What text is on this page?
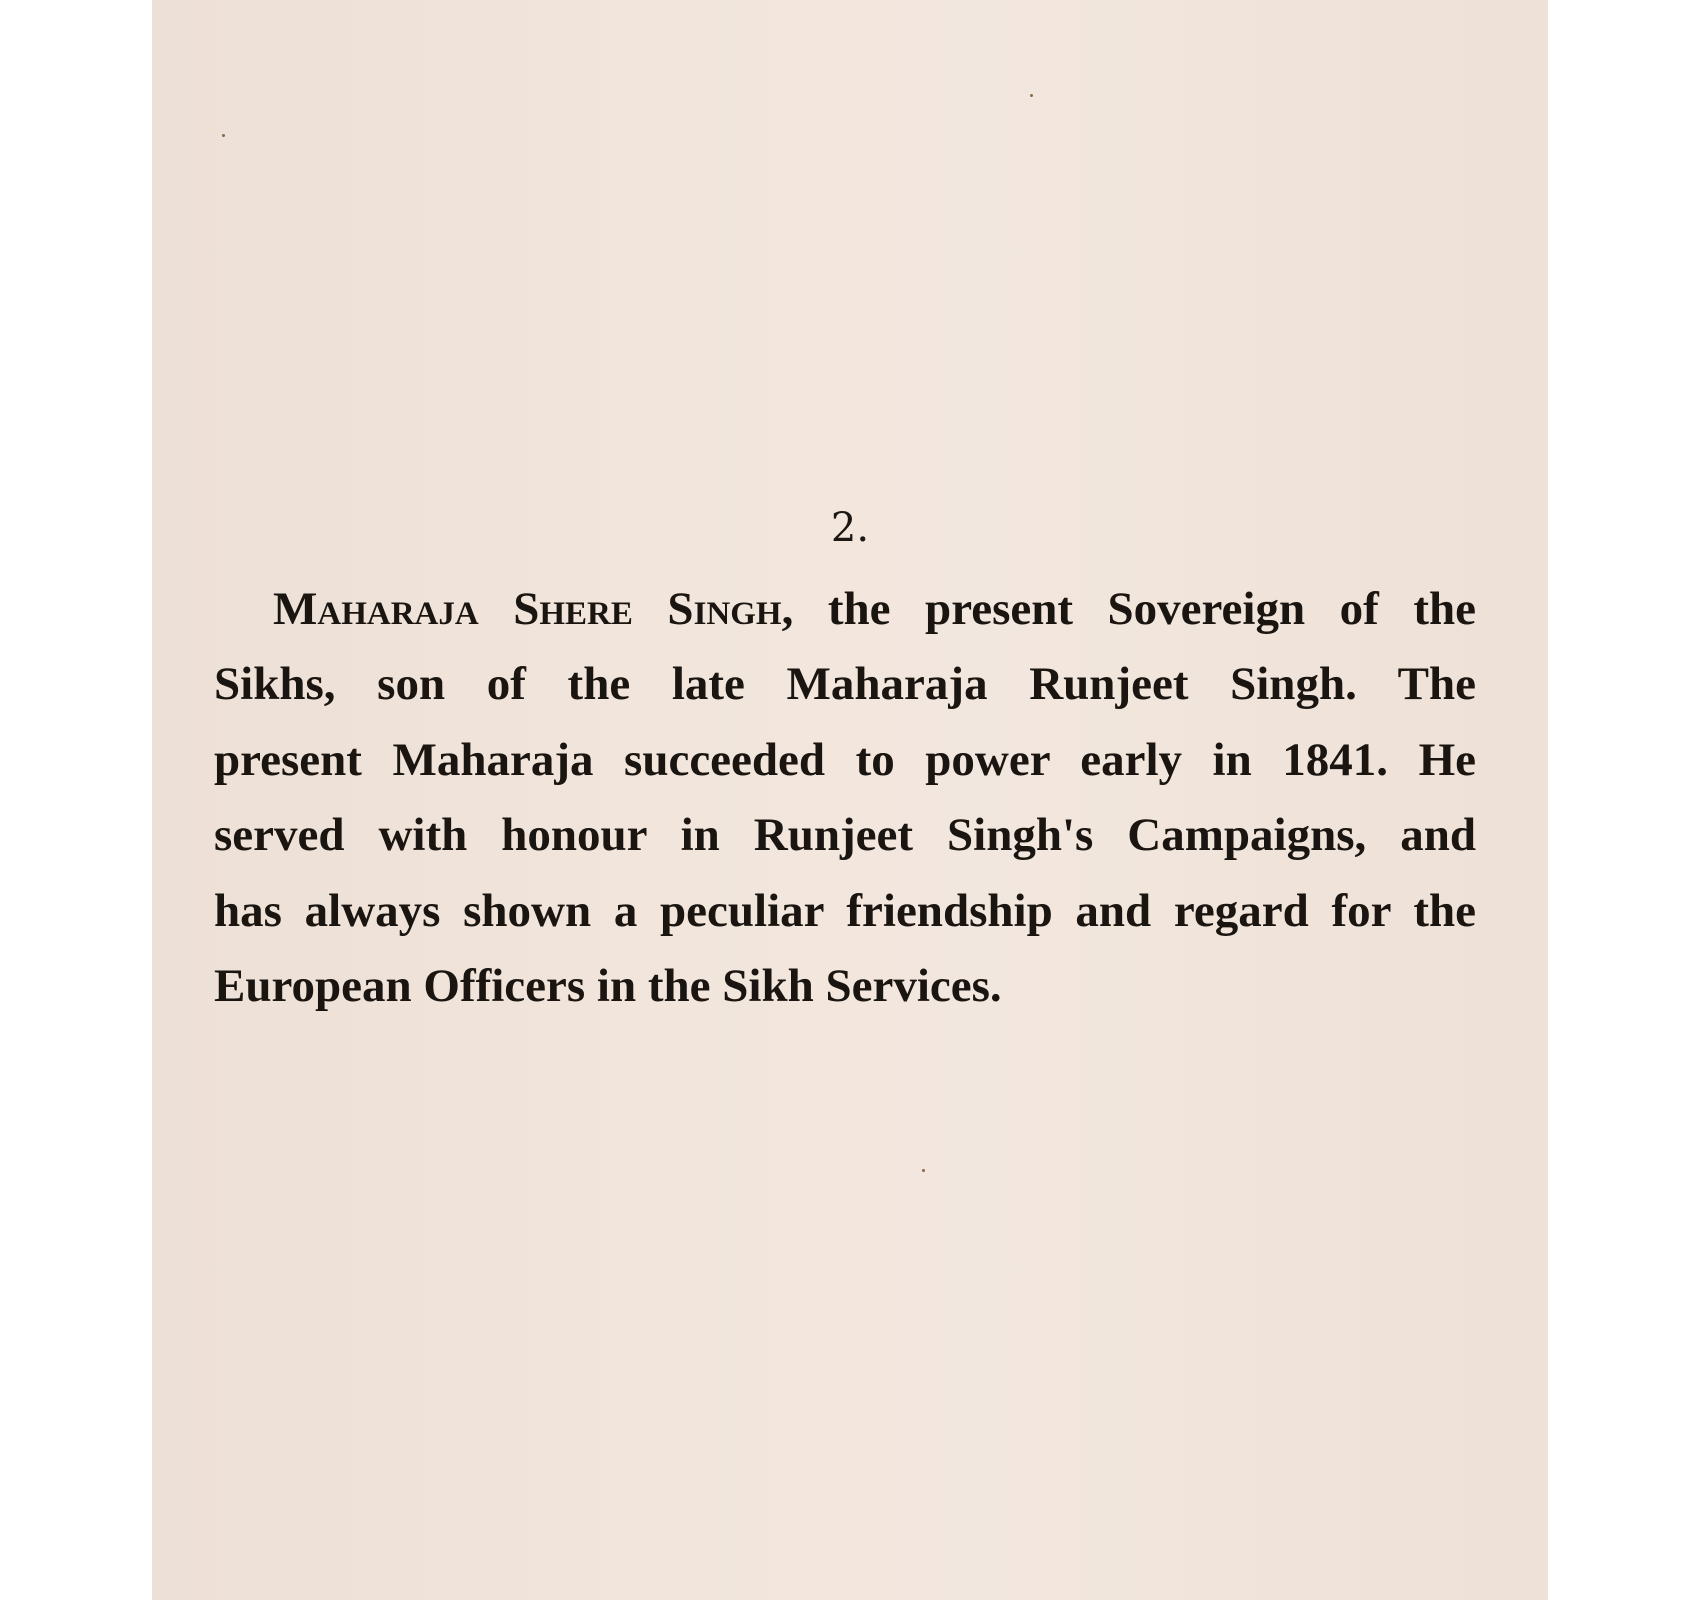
2.

Maharaja Shere Singh, the present Sovereign of the
Sikhs, son of the late Maharaja Runjeet Singh. The
present Maharaja succeeded to power early in 1841. He
served with honour in Runjeet Singh's Campaigns, and
has always shown a peculiar friendship and regard for the
European Officers in the Sikh Services.
